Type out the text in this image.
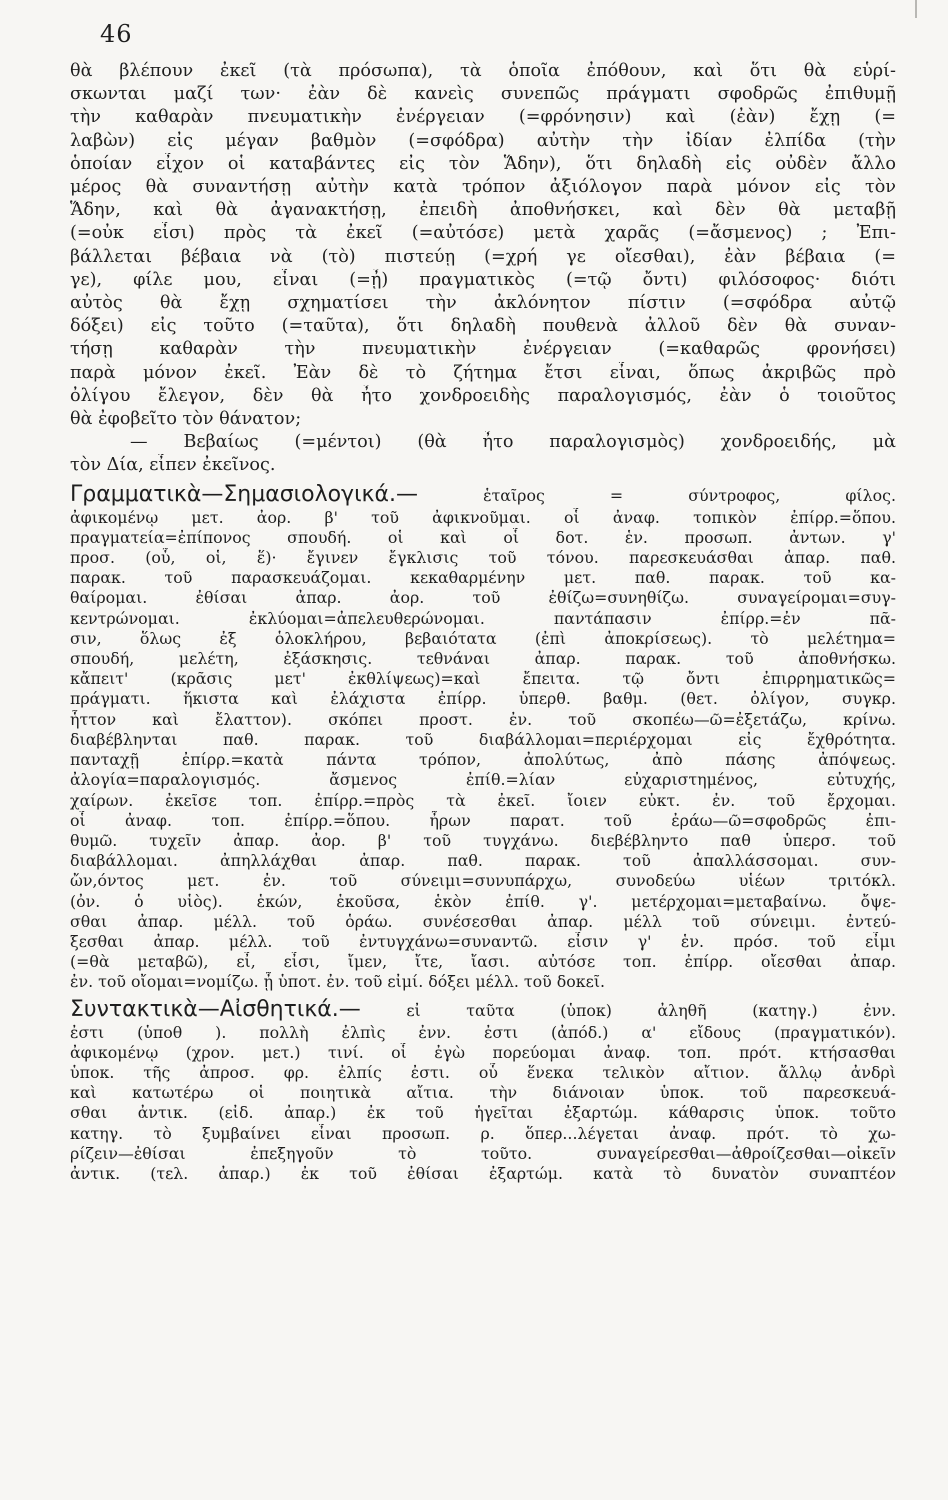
46
θὰ βλέπουν ἐκεῖ (τὰ πρόσωπα), τὰ ὁποῖα ἐπόθουν, καὶ ὅτι θὰ εὑρί-
σκωνται μαζί των· ἐὰν δὲ κανεὶς συνεπῶς πράγματι σφοδρῶς ἐπιθυμῇ
τὴν καθαρὰν πνευματικὴν ἐνέργειαν (=φρόνησιν) καὶ (ἐὰν) ἔχῃ (=
λαβὼν) εἰς μέγαν βαθμὸν (=σφόδρα) αὐτὴν τὴν ἰδίαν ἐλπίδα (τὴν
ὁποίαν εἶχον οἱ καταβάντες εἰς τὸν Ἅδην), ὅτι δηλαδὴ εἰς οὐδὲν ἄλλο
μέρος θὰ συναντήσῃ αὐτὴν κατὰ τρόπον ἀξιόλογον παρὰ μόνον εἰς τὸν
Ἅδην, καὶ θὰ ἀγανακτήσῃ, ἐπειδὴ ἀποθνήσκει, καὶ δὲν θὰ μεταβῇ
(=οὐκ εἶσι) πρὸς τὰ ἐκεῖ (=αὐτόσε) μετὰ χαρᾶς (=ἄσμενος) ; Ἐπι-
βάλλεται βέβαια νὰ (τὸ) πιστεύῃ (=χρή γε οἴεσθαι), ἐὰν βέβαια (=
γε), φίλε μου, εἶναι (=ᾖ) πραγματικὸς (=τῷ ὄντι) φιλόσοφος· διότι
αὐτὸς θὰ ἔχῃ σχηματίσει τὴν ἀκλόνητον πίστιν (=σφόδρα αὐτῷ
δόξει) εἰς τοῦτο (=ταῦτα), ὅτι δηλαδὴ πουθενὰ ἀλλοῦ δὲν θὰ συναν-
τήσῃ καθαρὰν τὴν πνευματικὴν ἐνέργειαν (=καθαρῶς φρονήσει)
παρὰ μόνον ἐκεῖ. Ἐὰν δὲ τὸ ζήτημα ἔτσι εἶναι, ὅπως ἀκριβῶς πρὸ
ὀλίγου ἔλεγον, δὲν θὰ ἦτο χονδροειδὴς παραλογισμός, ἐὰν ὁ τοιοῦτος
θὰ ἐφοβεῖτο τὸν θάνατον;
— Βεβαίως (=μέντοι) (θὰ ἦτο παραλογισμὸς) χονδροειδής, μὰ
τὸν Δία, εἶπεν ἐκεῖνος.
Γραμματικὰ—Σημασιολογικά.—	ἑταῖρος = σύντροφος, φίλος.
ἀφικομένῳ μετ. ἀορ. β' τοῦ ἀφικνοῦμαι. οἷ ἀναφ. τοπικὸν ἐπίρρ.=ὅπου.
πραγματεία=ἐπίπονος σπουδή. οἱ καὶ οἷ δοτ. ἑν. προσωπ. ἀντων. γ'
προσ. (οὗ, οἱ, ἕ)· ἔγινεν ἔγκλισις τοῦ τόνου. παρεσκευάσθαι ἀπαρ. παθ.
παρακ. τοῦ παρασκευάζομαι. κεκαθαρμένην μετ. παθ. παρακ. τοῦ κα-
θαίρομαι. ἐθίσαι ἀπαρ. ἀορ. τοῦ ἐθίζω=συνηθίζω. συναγείρομαι=συγ-
κεντρώνομαι. ἐκλύομαι=ἀπελευθερώνομαι. παντάπασιν ἐπίρρ.=ἐν πᾶ-
σιν, ὅλως ἐξ ὁλοκλήρου, βεβαιότατα (ἐπὶ ἀποκρίσεως). τὸ μελέτημα=
σπουδή, μελέτη, ἐξάσκησις. τεθνάναι ἀπαρ. παρακ. τοῦ ἀποθνήσκω.
κἄπειτ' (κρᾶσις μετ' ἐκθλίψεως)=καὶ ἔπειτα. τῷ ὄντι ἐπιρρηματικῶς=
πράγματι. ἥκιστα καὶ ἐλάχιστα ἐπίρρ. ὑπερθ. βαθμ. (θετ. ὀλίγον, συγκρ.
ἧττον καὶ ἔλαττον). σκόπει προστ. ἐν. τοῦ σκοπέω—ῶ=ἐξετάζω, κρίνω.
διαβέβληνται παθ. παρακ. τοῦ διαβάλλομαι=περιέρχομαι εἰς ἔχθρότητα.
πανταχῇ ἐπίρρ.=κατὰ πάντα τρόπον, ἀπολύτως, ἀπὸ πάσης ἀπόψεως.
ἀλογία=παραλογισμός. ἄσμενος ἐπίθ.=λίαν εὐχαριστημένος, εὐτυχής,
χαίρων. ἐκεῖσε τοπ. ἐπίρρ.=πρὸς τὰ ἐκεῖ. ἴοιεν εὐκτ. ἐν. τοῦ ἔρχομαι.
οἷ ἀναφ. τοπ. ἐπίρρ.=ὅπου. ἦρων παρατ. τοῦ ἐράω—ῶ=σφοδρῶς ἐπι-
θυμῶ. τυχεῖν ἀπαρ. ἀορ. β' τοῦ τυγχάνω. διεβέβληντο παθ ὑπερσ. τοῦ
διαβάλλομαι. ἀπηλλάχθαι ἀπαρ. παθ. παρακ. τοῦ ἀπαλλάσσομαι. συν-
ὤν,όντος μετ. ἐν. τοῦ σύνειμι=συνυπάρχω, συνοδεύω υἱέων τριτόκλ.
(ὀν. ὁ υἱὸς). ἑκών, ἑκοῦσα, ἑκὸν ἐπίθ. γ'. μετέρχομαι=μεταβαίνω. ὄψε-
σθαι ἀπαρ. μέλλ. τοῦ ὁράω. συνέσεσθαι ἀπαρ. μέλλ τοῦ σύνειμι. ἐντεύ-
ξεσθαι ἀπαρ. μέλλ. τοῦ ἐντυγχάνω=συναντῶ. εἶσιν γ' ἑν. πρόσ. τοῦ εἶμι
(=θὰ μεταβῶ), εἶ, εἶσι, ἴμεν, ἴτε, ἴασι. αὐτόσε τοπ. ἐπίρρ. οἴεσθαι ἀπαρ.
ἐν. τοῦ οἴομαι=νομίζω. ᾖ ὑποτ. ἐν. τοῦ εἰμί. δόξει μέλλ. τοῦ δοκεῖ.
Συντακτικὰ—Αἰσθητικά.—	εἰ ταῦτα (ὑποκ) ἀληθῆ (κατηγ.) ἐνν.
ἐστι (ὑποθ ). πολλὴ ἐλπὶς ἐνν. ἐστι (ἀπόδ.) α' εἴδους (πραγματικόν).
ἀφικομένῳ (χρον. μετ.) τινί. οἷ ἐγὼ πορεύομαι ἀναφ. τοπ. πρότ. κτήσασθαι
ὑποκ. τῆς ἀπροσ. φρ. ἐλπίς ἐστι. οὗ ἕνεκα τελικὸν αἴτιον. ἄλλῳ ἀνδρὶ
καὶ κατωτέρω οἱ ποιητικὰ αἴτια. τὴν διάνοιαν ὑποκ. τοῦ παρεσκευά-
σθαι ἀντικ. (εἰδ. ἀπαρ.) ἐκ τοῦ ἡγεῖται ἐξαρτώμ. κάθαρσις ὑποκ. τοῦτο
κατηγ. τὸ ξυμβαίνει εἶναι προσωπ. ρ. ὅπερ...λέγεται ἀναφ. πρότ. τὸ χω-
ρίζειν—ἐθίσαι ἐπεξηγοῦν τὸ τοῦτο. συναγείρεσθαι—ἀθροίζεσθαι—οἰκεῖν
ἀντικ. (τελ. ἀπαρ.) ἐκ τοῦ ἐθίσαι ἐξαρτώμ. κατὰ τὸ δυνατὸν συναπτέον
